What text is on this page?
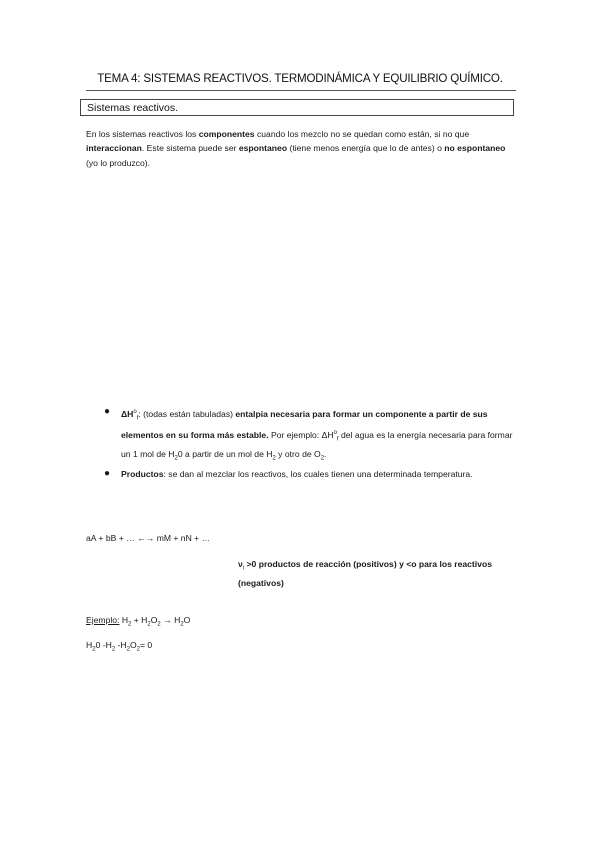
TEMA 4: SISTEMAS REACTIVOS. TERMODINÁMICA Y EQUILIBRIO QUÍMICO.
Sistemas reactivos.
En los sistemas reactivos los componentes cuando los mezclo no se quedan como están, si no que interaccionan. Este sistema puede ser espontaneo (tiene menos energía que lo de antes) o no espontaneo (yo lo produzco).
● $\Delta H^o_f$: (todas están tabuladas) entalpia necesaria para formar un componente a partir de sus elementos en su forma más estable. Por ejemplo: $\Delta H^o_f$ del agua es la energía necesaria para formar un 1 mol de $H_20$ a partir de un mol de $H_2$ y otro de $O_2$.
● Productos: se dan al mezclar los reactivos, los cuales tienen una determinada temperatura.
aA + bB + … ←→ mM + nN + …
$\nu_i >0$ productos de reacción (positivos) y <o para los reactivos (negativos)
Ejemplo: $H_2 + H_2O_2 \to H_2O$
$H_20$ $-H_2$ $-H_2O_2= 0$
